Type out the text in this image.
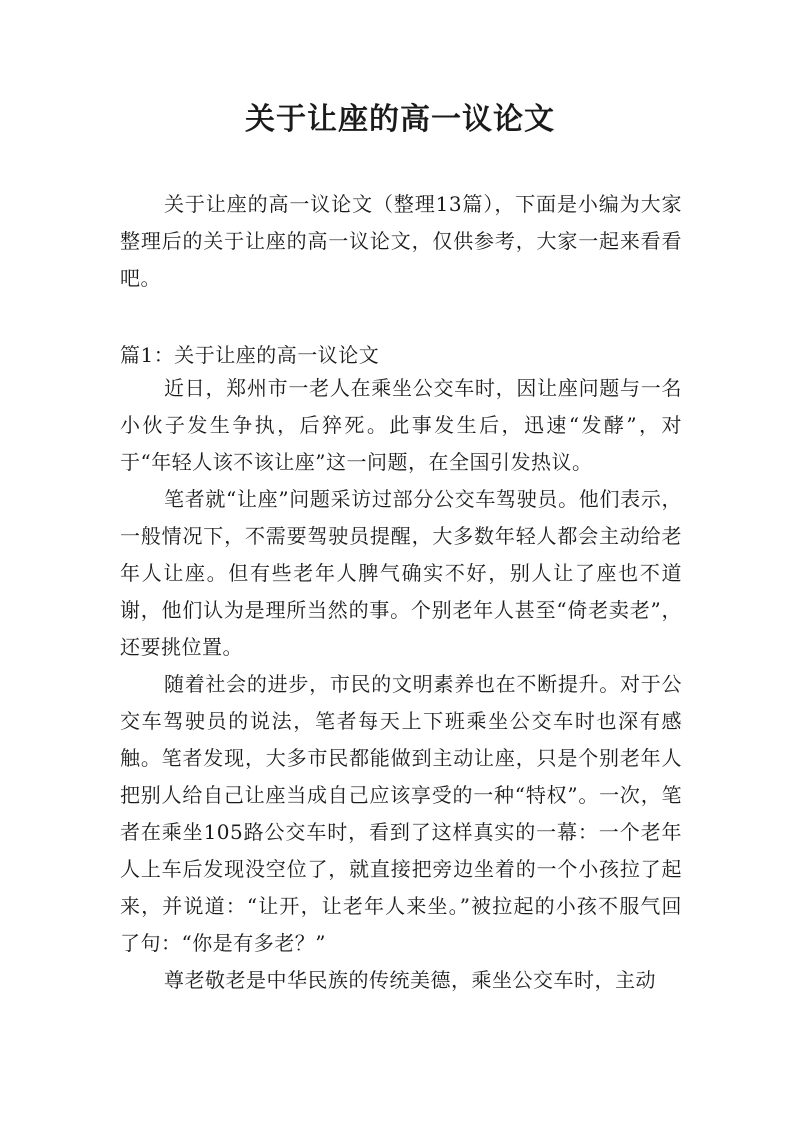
关于让座的高一议论文

关于让座的高一议论文（整理13篇），下面是小编为大家整理后的关于让座的高一议论文，仅供参考，大家一起来看看吧。

篇1：关于让座的高一议论文

近日，郑州市一老人在乘坐公交车时，因让座问题与一名小伙子发生争执，后猝死。此事发生后，迅速“发酵”，对于“年轻人该不该让座”这一问题，在全国引发热议。

笔者就“让座”问题采访过部分公交车驾驶员。他们表示，一般情况下，不需要驾驶员提醒，大多数年轻人都会主动给老年人让座。但有些老年人脾气确实不好，别人让了座也不道谢，他们认为是理所当然的事。个别老年人甚至“倚老卖老”，还要挑位置。

随着社会的进步，市民的文明素养也在不断提升。对于公交车驾驶员的说法，笔者每天上下班乘坐公交车时也深有感触。笔者发现，大多市民都能做到主动让座，只是个别老年人把别人给自己让座当成自己应该享受的一种“特权”。一次，笔者在乘坐105路公交车时，看到了这样真实的一幕：一个老年人上车后发现没空位了，就直接把旁边坐着的一个小孩拉了起来，并说道：“让开，让老年人来坐。”被拉起的小孩不服气回了句：“你是有多老？”

尊老敬老是中华民族的传统美德，乘坐公交车时，主动
